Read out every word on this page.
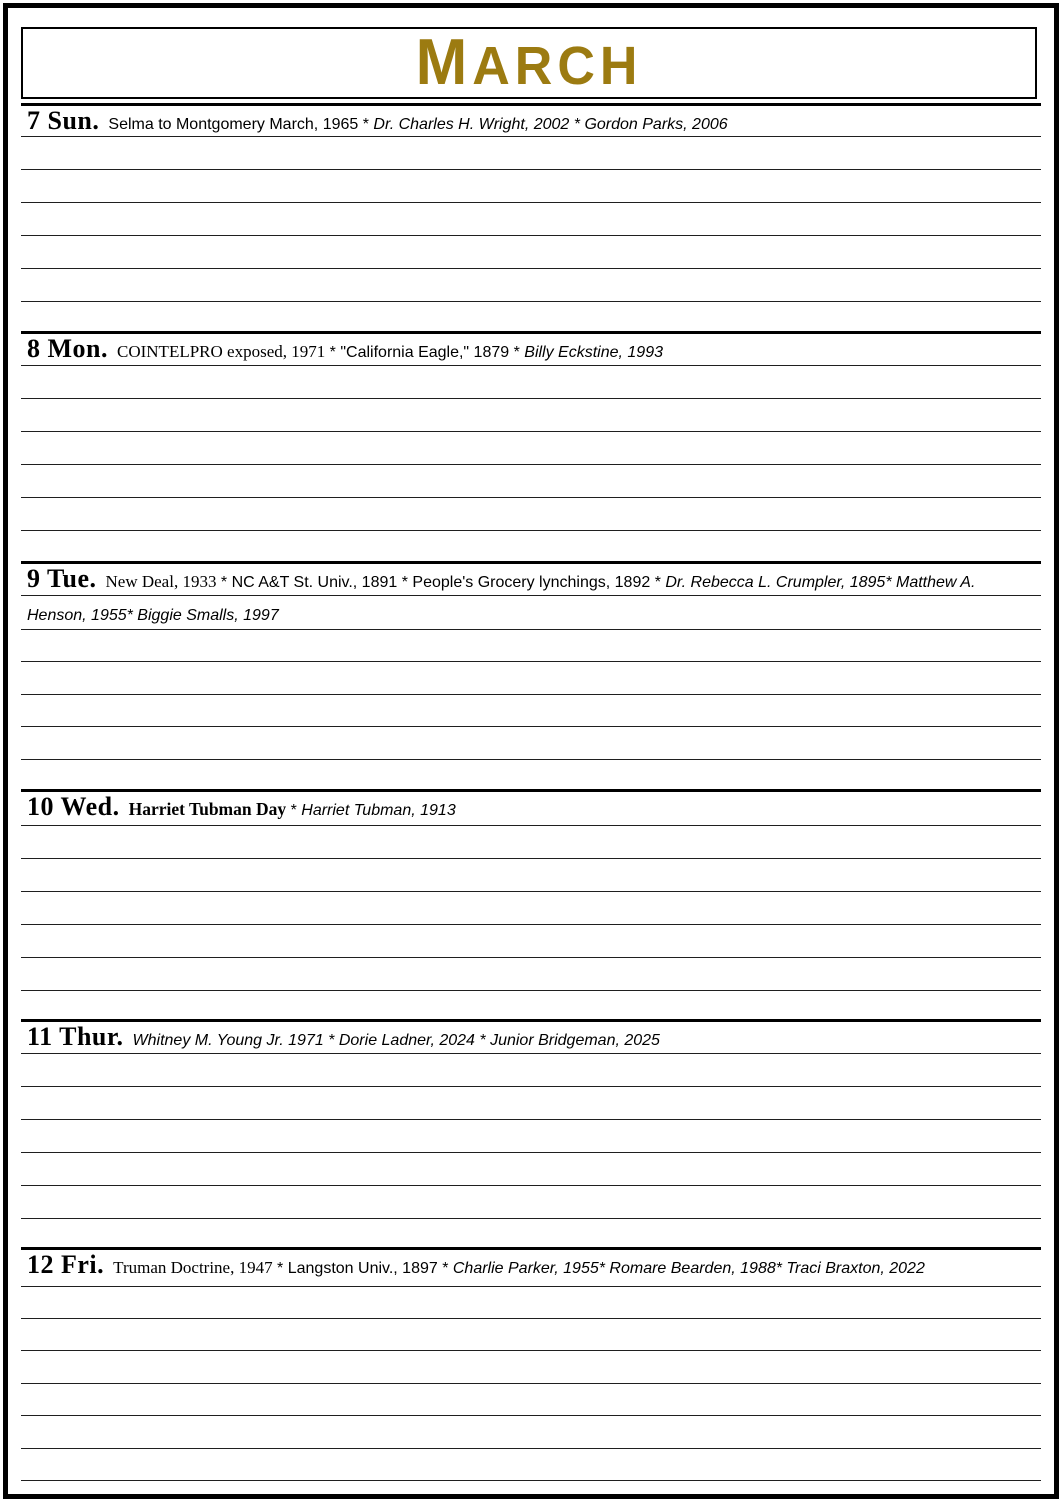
MARCH

7 Sun. Selma to Montgomery March, 1965 * Dr. Charles H. Wright, 2002 * Gordon Parks, 2006

8 Mon. COINTELPRO exposed, 1971 * "California Eagle," 1879 * Billy Eckstine, 1993

9 Tue. New Deal, 1933 * NC A&T St. Univ., 1891 * People's Grocery lynchings, 1892 * Dr. Rebecca L. Crumpler, 1895* Matthew A. Henson, 1955* Biggie Smalls, 1997

10 Wed. Harriet Tubman Day * Harriet Tubman, 1913

11 Thur. Whitney M. Young Jr. 1971 * Dorie Ladner, 2024 * Junior Bridgeman, 2025

12 Fri. Truman Doctrine, 1947 * Langston Univ., 1897 * Charlie Parker, 1955* Romare Bearden, 1988* Traci Braxton, 2022
